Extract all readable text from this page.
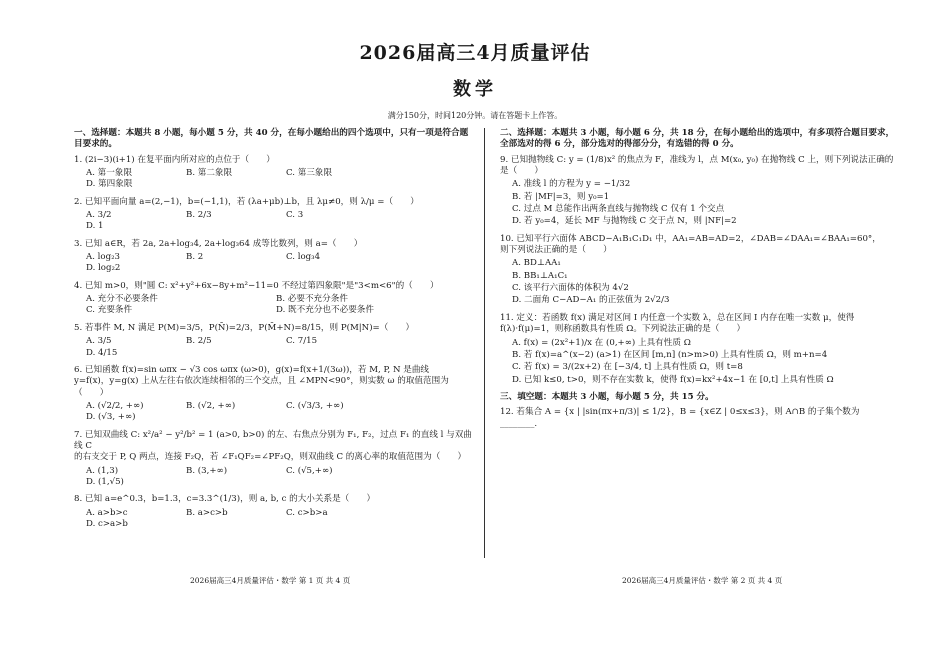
2026届高三4月质量评估
数学
满分150分，时间120分钟。请在答题卡上作答。
一、选择题：本题共 8 小题，每小题 5 分，共 40 分，在每小题给出的四个选项中，只有一项是符合题目要求的。
1. (2i−3)(i+1) 在复平面内所对应的点位于（　　）
A. 第一象限	B. 第二象限	C. 第三象限
D. 第四象限
2. 已知平面向量 a=(2,−1)，b=(−1,1)，若 (λa+μb)⊥b，且 λμ≠0，则 λ/μ =（　　）
A. 3/2	B. 2/3	C. 3
D. 1
3. 已知 a∈R，若 2a, 2a+log₃4, 2a+log₃64 成等比数列，则 a=（　　）
A. log₂3	B. 2	C. log₃4
D. log₂2
4. 已知 m>0，则"圆 C: x²+y²+6x−8y+m²−11=0 不经过第四象限"是"3<m<6"的（　　）
A. 充分不必要条件	B. 必要不充分条件
C. 充要条件	D. 既不充分也不必要条件
5. 若事件 M, N 满足 P(M)=3/5，P(N̄)=2/3，P(M̄+N)=8/15，则 P(M|N)=（　　）
A. 3/5	B. 2/5	C. 7/15
D. 4/15
6. 已知函数 f(x)=sin ωπx − √3 cos ωπx (ω>0)，g(x)=f(x+1/(3ω))，若 M, P, N 是曲线
y=f(x)，y=g(x) 上从左往右依次连续相邻的三个交点，且 ∠MPN<90°，则实数 ω 的取值范围为（　　）
A. (√2/2, +∞)	B. (√2, +∞)	C. (√3/3, +∞)
D. (√3, +∞)
7. 已知双曲线 C: x²/a² − y²/b² = 1 (a>0, b>0) 的左、右焦点分别为 F₁, F₂，过点 F₁ 的直线 l 与双曲线 C
的右支交于 P, Q 两点，连接 F₂Q，若 ∠F₁QF₂=∠PF₂Q，则双曲线 C 的离心率的取值范围为（　　）
A. (1,3)	B. (3,+∞)	C. (√5,+∞)
D. (1,√5)
8. 已知 a=e^0.3，b=1.3，c=3.3^(1/3)，则 a, b, c 的大小关系是（　　）
A. a>b>c	B. a>c>b	C. c>b>a
D. c>a>b
二、选择题：本题共 3 小题，每小题 6 分，共 18 分，在每小题给出的选项中，有多项符合题目要求，全部选对的得 6 分，部分选对的得部分分，有选错的得 0 分。
9. 已知抛物线 C: y = (1/8)x² 的焦点为 F，准线为 l，点 M(x₀, y₀) 在抛物线 C 上，则下列说法正确的
是（　　）
A. 准线 l 的方程为 y = −1/32
B. 若 |MF|=3，则 y₀=1
C. 过点 M 总能作出两条直线与抛物线 C 仅有 1 个交点
D. 若 y₀=4，延长 MF 与抛物线 C 交于点 N，则 |NF|=2
10. 已知平行六面体 ABCD−A₁B₁C₁D₁ 中，AA₁=AB=AD=2，∠DAB=∠DAA₁=∠BAA₁=60°，
则下列说法正确的是（　　）
A. BD⊥AA₁
B. BB₁⊥A₁C₁
C. 该平行六面体的体积为 4√2
D. 二面角 C−AD−A₁ 的正弦值为 2√2/3
11. 定义：若函数 f(x) 满足对区间 I 内任意一个实数 λ，总在区间 I 内存在唯一实数 μ，使得
f(λ)·f(μ)=1，则称函数具有性质 Ω。下列说法正确的是（　　）
A. f(x) = (2x²+1)/x 在 (0,+∞) 上具有性质 Ω
B. 若 f(x)=a^(x−2) (a>1) 在区间 [m,n] (n>m>0) 上具有性质 Ω，则 m+n=4
C. 若 f(x) = 3/(2x+2) 在 [−3/4, t] 上具有性质 Ω，则 t=8
D. 已知 k≤0, t>0，则不存在实数 k，使得 f(x)=kx²+4x−1 在 [0,t] 上具有性质 Ω
三、填空题：本题共 3 小题，每小题 5 分，共 15 分。
12. 若集合 A = {x | |sin(πx+π/3)| ≤ 1/2}，B = {x∈Z | 0≤x≤3}，则 A∩B 的子集个数为________.
2026届高三4月质量评估・数学 第 1 页 共 4 页	2026届高三4月质量评估・数学 第 2 页 共 4 页
